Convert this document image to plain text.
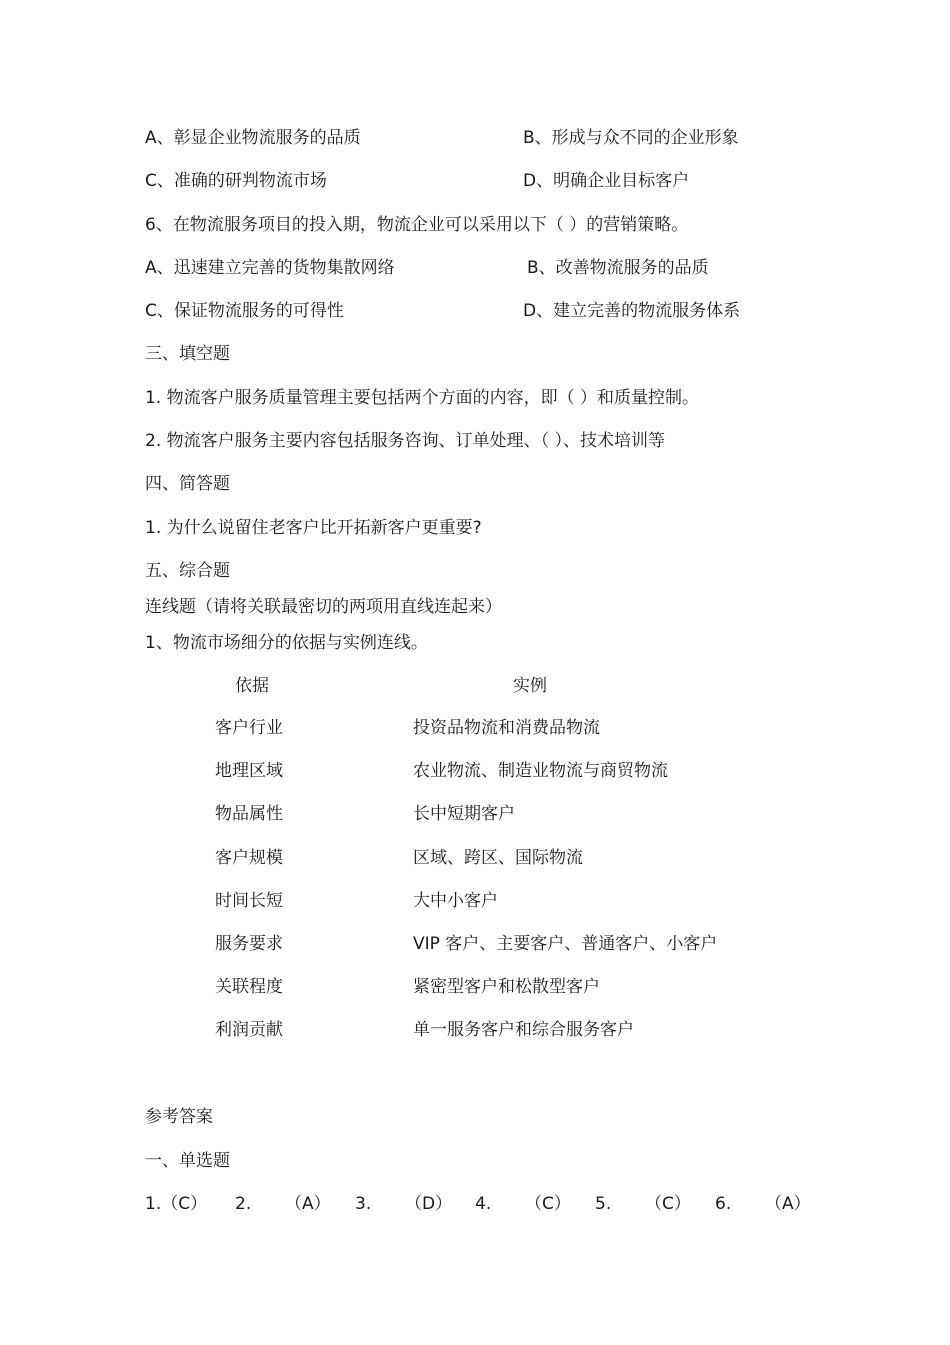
A、彰显企业物流服务的品质	B、形成与众不同的企业形象
C、准确的研判物流市场	D、明确企业目标客户
6、在物流服务项目的投入期，物流企业可以采用以下（ ）的营销策略。
A、迅速建立完善的货物集散网络	B、改善物流服务的品质
C、保证物流服务的可得性	D、建立完善的物流服务体系
三、填空题
1. 物流客户服务质量管理主要包括两个方面的内容，即（ ）和质量控制。
2. 物流客户服务主要内容包括服务咨询、订单处理、（ ）、技术培训等
四、简答题
1. 为什么说留住老客户比开拓新客户更重要?
五、综合题
连线题（请将关联最密切的两项用直线连起来）
1、物流市场细分的依据与实例连线。
依据	实例
客户行业	投资品物流和消费品物流
地理区域	农业物流、制造业物流与商贸物流
物品属性	长中短期客户
客户规模	区域、跨区、国际物流
时间长短	大中小客户
服务要求	VIP 客户、主要客户、普通客户、小客户
关联程度	紧密型客户和松散型客户
利润贡献	单一服务客户和综合服务客户
参考答案
一、单选题
1.（C） 2. （A） 3. （D） 4. （C） 5. （C） 6. （A）
